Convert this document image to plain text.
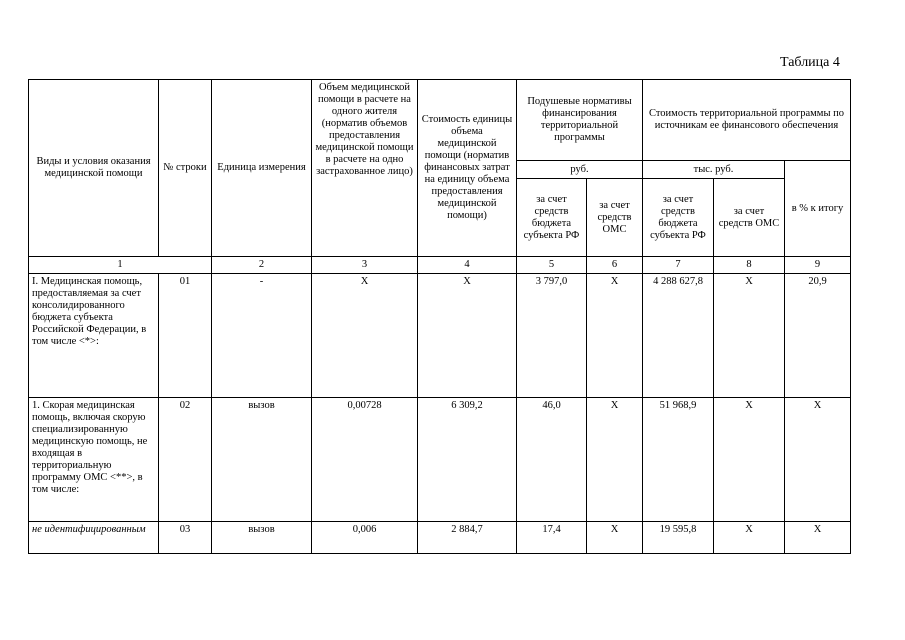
Таблица 4
Виды и условия оказания медицинской помощи	№ строки	Единица измерения	Объем медицинской помощи в расчете на одного жителя (норматив объемов предоставления медицинской помощи в расчете на одно застрахованное лицо)	Стоимость единицы объема медицинской помощи (норматив финансовых затрат на единицу объема предоставления медицинской помощи)	Подушевые нормативы финансирования территориальной программы		Стоимость территориальной программы по источникам ее финансового обеспечения		
					руб.		тыс. руб.		в % к итогу
					за счет средств бюджета субъекта РФ	за счет средств ОМС	за счет средств бюджета субъекта РФ	за счет средств ОМС	
1		2	3	4	5	6	7	8	9
I. Медицинская помощь, предоставляемая за счет консолидированного бюджета субъекта Российской Федерации, в том числе <*>:	01	-	X	X	3 797,0	X	4 288 627,8	X	20,9
1. Скорая медицинская помощь, включая скорую специализированную медицинскую помощь, не входящая в территориальную программу ОМС <**>, в том числе:	02	вызов	0,00728	6 309,2	46,0	X	51 968,9	X	X
не идентифицированным	03	вызов	0,006	2 884,7	17,4	X	19 595,8	X	X
